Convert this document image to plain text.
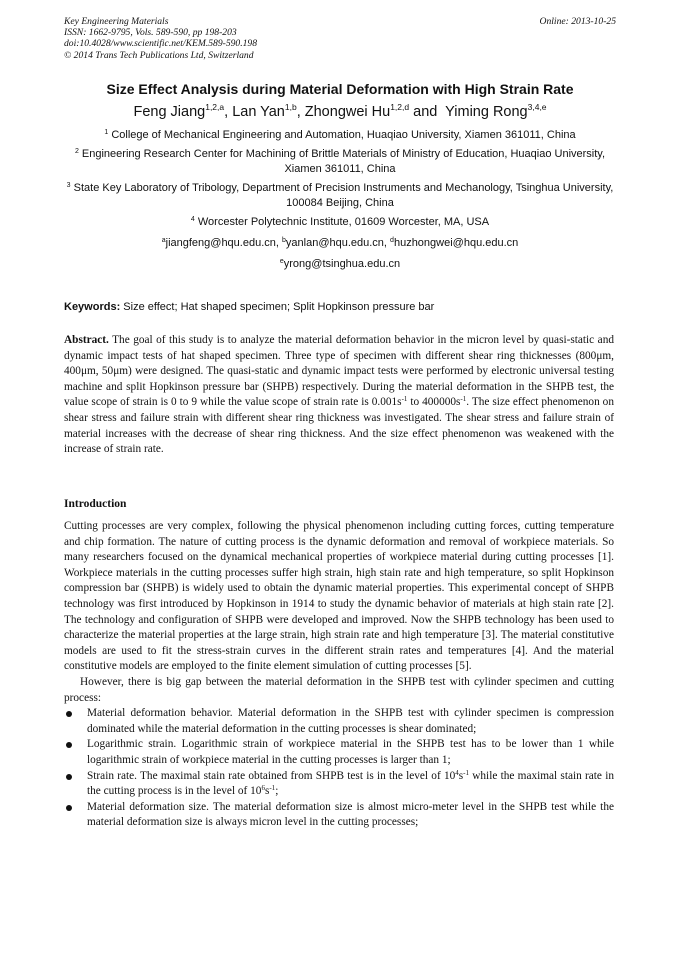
Key Engineering Materials
ISSN: 1662-9795, Vols. 589-590, pp 198-203
doi:10.4028/www.scientific.net/KEM.589-590.198
© 2014 Trans Tech Publications Ltd, Switzerland
Online: 2013-10-25
Size Effect Analysis during Material Deformation with High Strain Rate
Feng Jiang$^{1,2,a}$, Lan Yan$^{1,b}$, Zhongwei Hu$^{1,2,d}$ and  Yiming Rong$^{3,4,e}$
$^1$ College of Mechanical Engineering and Automation, Huaqiao University, Xiamen 361011, China
$^2$ Engineering Research Center for Machining of Brittle Materials of Ministry of Education, Huaqiao University, Xiamen 361011, China
$^3$ State Key Laboratory of Tribology, Department of Precision Instruments and Mechanology, Tsinghua University, 100084 Beijing, China
$^4$ Worcester Polytechnic Institute, 01609 Worcester, MA, USA
$^a$jiangfeng@hqu.edu.cn, $^b$yanlan@hqu.edu.cn, $^d$huzhongwei@hqu.edu.cn
$^e$yrong@tsinghua.edu.cn
Keywords: Size effect; Hat shaped specimen; Split Hopkinson pressure bar

Abstract. The goal of this study is to analyze the material deformation behavior in the micron level by quasi-static and dynamic impact tests of hat shaped specimen. Three type of specimen with different shear ring thicknesses (800μm, 400μm, 50μm) were designed. The quasi-static and dynamic impact tests were performed by electronic universal testing machine and split Hopkinson pressure bar (SHPB) respectively. During the material deformation in the SHPB test, the value scope of strain is 0 to 9 while the value scope of strain rate is $0.001s^{-1}$ to $400000s^{-1}$. The size effect phenomenon on shear stress and failure strain with different shear ring thickness was investigated. The shear stress and failure strain of material increases with the decrease of shear ring thickness. And the size effect phenomenon was weakened with the increase of strain rate.

Introduction

Cutting processes are very complex, following the physical phenomenon including cutting forces, cutting temperature and chip formation. The nature of cutting process is the dynamic deformation and removal of workpiece materials. So many researchers focused on the dynamical mechanical properties of workpiece material during cutting processes [1]. Workpiece materials in the cutting processes suffer high strain, high stain rate and high temperature, so split Hopkinson compression bar (SHPB) is widely used to obtain the dynamic material properties. This experimental concept of SHPB technology was first introduced by Hopkinson in 1914 to study the dynamic behavior of materials at high stain rate [2]. The technology and configuration of SHPB were developed and improved. Now the SHPB technology has been used to characterize the material properties at the large strain, high strain rate and high temperature [3]. The material constitutive models are used to fit the stress-strain curves in the different strain rates and temperatures [4]. And the material constitutive models are employed to the finite element simulation of cutting processes [5].

However, there is big gap between the material deformation in the SHPB test with cylinder specimen and cutting process:

Material deformation behavior. Material deformation in the SHPB test with cylinder specimen is compression dominated while the material deformation in the cutting processes is shear dominated;
Logarithmic strain. Logarithmic strain of workpiece material in the SHPB test has to be lower than 1 while logarithmic strain of workpiece material in the cutting processes is larger than 1;
Strain rate. The maximal stain rate obtained from SHPB test is in the level of $10^4s^{-1}$ while the maximal stain rate in the cutting process is in the level of $10^6s^{-1}$;
Material deformation size. The material deformation size is almost micro-meter level in the SHPB test while the material deformation size is always micron level in the cutting processes;
